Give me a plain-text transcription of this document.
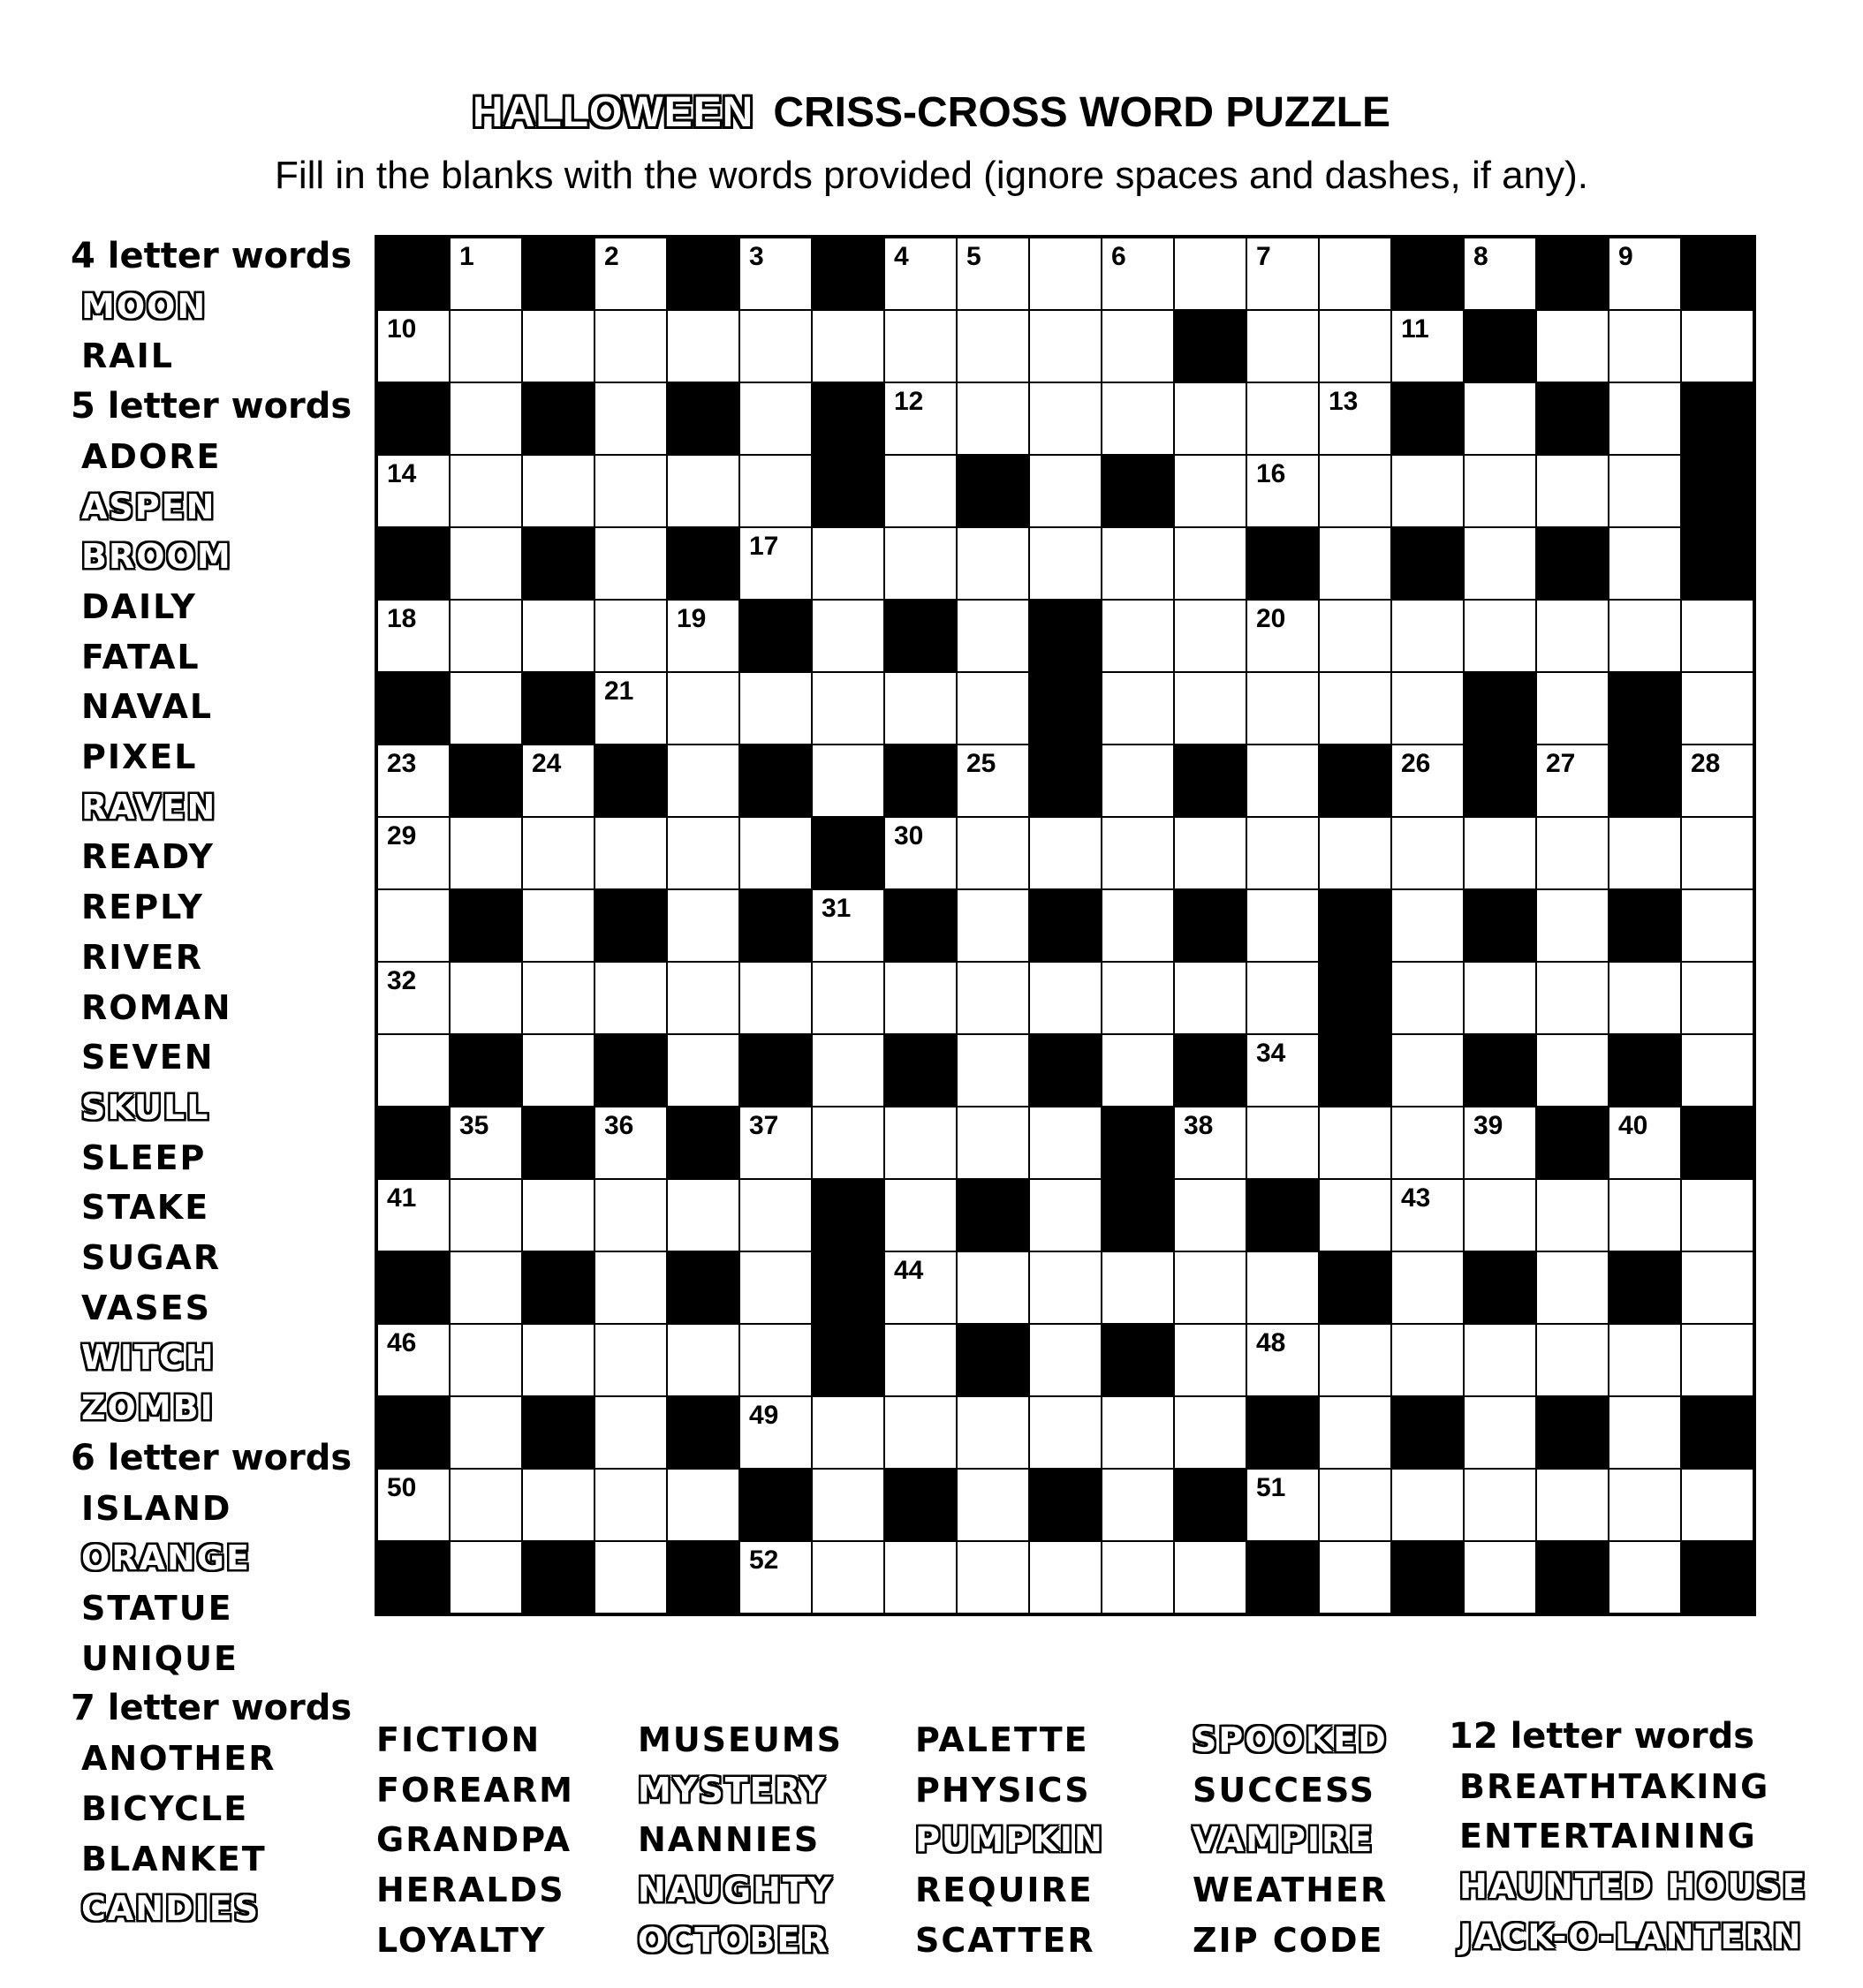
HALLOWEEN CRISS-CROSS WORD PUZZLE
Fill in the blanks with the words provided (ignore spaces and dashes, if any).
1	2	3	4 5	6	7	8	9
10	11
12	13
14	16
17
18	19	20
21
23	24	25	26	27	28
29	30
31
32
34
35	36	37	38	39	40
41	43
44
46	48
49
50	51
52
4 letter words
MOON
RAIL
5 letter words
ADORE
ASPEN
BROOM
DAILY
FATAL
NAVAL
PIXEL
RAVEN
READY
REPLY
RIVER
ROMAN
SEVEN
SKULL
SLEEP
STAKE
SUGAR
VASES
WITCH
ZOMBI
6 letter words
ISLAND
ORANGE
STATUE
UNIQUE
7 letter words
ANOTHER
BICYCLE
BLANKET
CANDIES
FICTION
FOREARM
GRANDPA
HERALDS
LOYALTY
MUSEUMS
MYSTERY
NANNIES
NAUGHTY
OCTOBER
PALETTE
PHYSICS
PUMPKIN
REQUIRE
SCATTER
SPOOKED
SUCCESS
VAMPIRE
WEATHER
ZIP CODE
12 letter words
BREATHTAKING
ENTERTAINING
HAUNTED HOUSE
JACK-O-LANTERN
